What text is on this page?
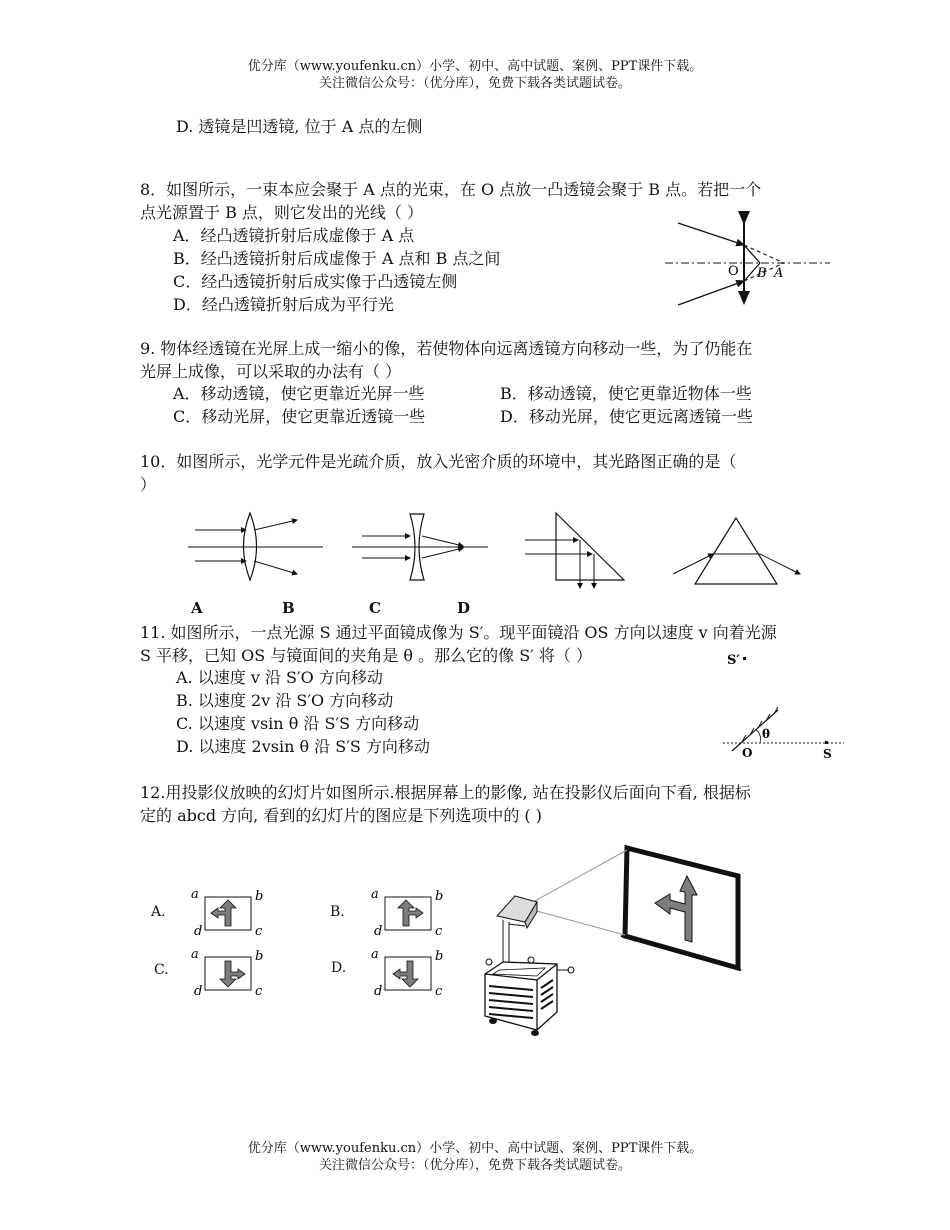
优分库（www.youfenku.cn）小学、初中、高中试题、案例、PPT课件下载。
关注微信公众号：（优分库），免费下载各类试题试卷。
D. 透镜是凹透镜, 位于 A 点的左侧
8．如图所示，一束本应会聚于 A 点的光束，在 O 点放一凸透镜会聚于 B 点。若把一个
点光源置于 B 点，则它发出的光线（ ）
A．经凸透镜折射后成虚像于 A 点
B．经凸透镜折射后成虚像于 A 点和 B 点之间
C．经凸透镜折射后成实像于凸透镜左侧
D．经凸透镜折射后成为平行光
O B A
9. 物体经透镜在光屏上成一缩小的像，若使物体向远离透镜方向移动一些，为了仍能在
光屏上成像，可以采取的办法有（ ）
A．移动透镜，使它更靠近光屏一些	B．移动透镜，使它更靠近物体一些
C．移动光屏，使它更靠近透镜一些	D．移动光屏，使它更远离透镜一些
10．如图所示，光学元件是光疏介质，放入光密介质的环境中，其光路图正确的是（
）
A	B	C	D
11. 如图所示，一点光源 S 通过平面镜成像为 S′。现平面镜沿 OS 方向以速度 v 向着光源
S 平移，已知 OS 与镜面间的夹角是 θ 。那么它的像 S′ 将（ ）
A. 以速度 v 沿 S′O 方向移动
B. 以速度 2v 沿 S′O 方向移动
C. 以速度 vsin θ 沿 S′S 方向移动
D. 以速度 2vsin θ 沿 S′S 方向移动
S′
O
θ
S
12.用投影仪放映的幻灯片如图所示.根据屏幕上的影像, 站在投影仪后面向下看, 根据标
定的 abcd 方向, 看到的幻灯片的图应是下列选项中的 ( )
A.	B.
C.	D.
a	b
d	c
a	b
d	c
a	b
d	c
a	b
d	c
优分库（www.youfenku.cn）小学、初中、高中试题、案例、PPT课件下载。
关注微信公众号：（优分库），免费下载各类试题试卷。
